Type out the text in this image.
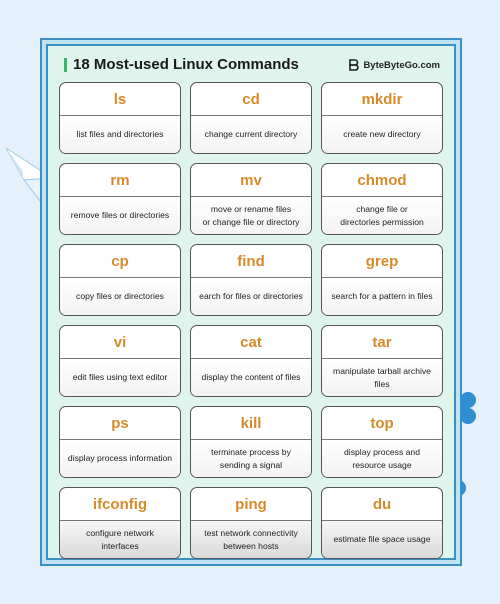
18 Most-used Linux Commands	ByteByteGo.com
ls
list files and directories
cd
change current directory
mkdir
create new directory
rm
remove files or directories
mv
move or rename files
or change file or directory
chmod
change file or
directories permission
cp
copy files or directories
find
earch for files or directories
grep
search for a pattern in files
vi
edit files using text editor
cat
display the content of files
tar
manipulate tarball archive
files
ps
display process information
kill
terminate process by
sending a signal
top
display process and
resource usage
ifconfig
configure network
interfaces
ping
test network connectivity
between hosts
du
estimate file space usage
